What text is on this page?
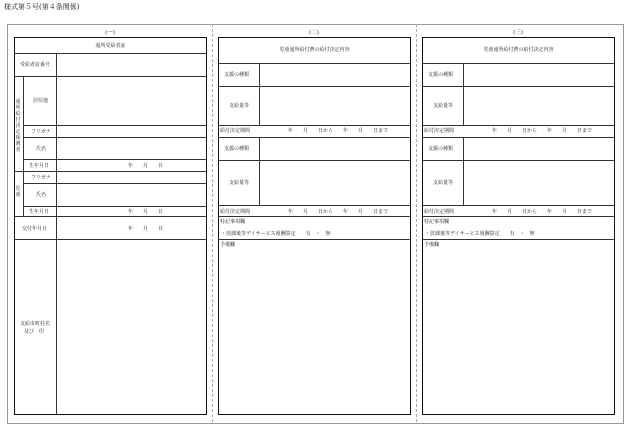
様式第５号(第４条関係)
(一)	(二)	(三)
通所受給者証
受給者証番号
通所給付決定保護者
居住地
フリガナ
氏名
生年月日	年　　月　　日
児童
フリガナ
氏名
生年月日	年　　月　　日
交付年月日	年　　月　　日
支給市町村名
及び　印
児童通所給付費の給付決定内容
支援の種類
支給量等
給付決定期間	年　　月　　日から　　年　　月　　日まで
支援の種類
支給量等
給付決定期間	年　　月　　日から　　年　　月　　日まで
特記事項欄
・放課後等デイサービス報酬算定　　有　・　無
予備欄
児童通所給付費の給付決定内容
支援の種類
支給量等
給付決定期間	年　　月　　日から　　年　　月　　日まで
支援の種類
支給量等
給付決定期間	年　　月　　日から　　年　　月　　日まで
特記事項欄
・放課後等デイサービス報酬算定　　有　・　無
予備欄
